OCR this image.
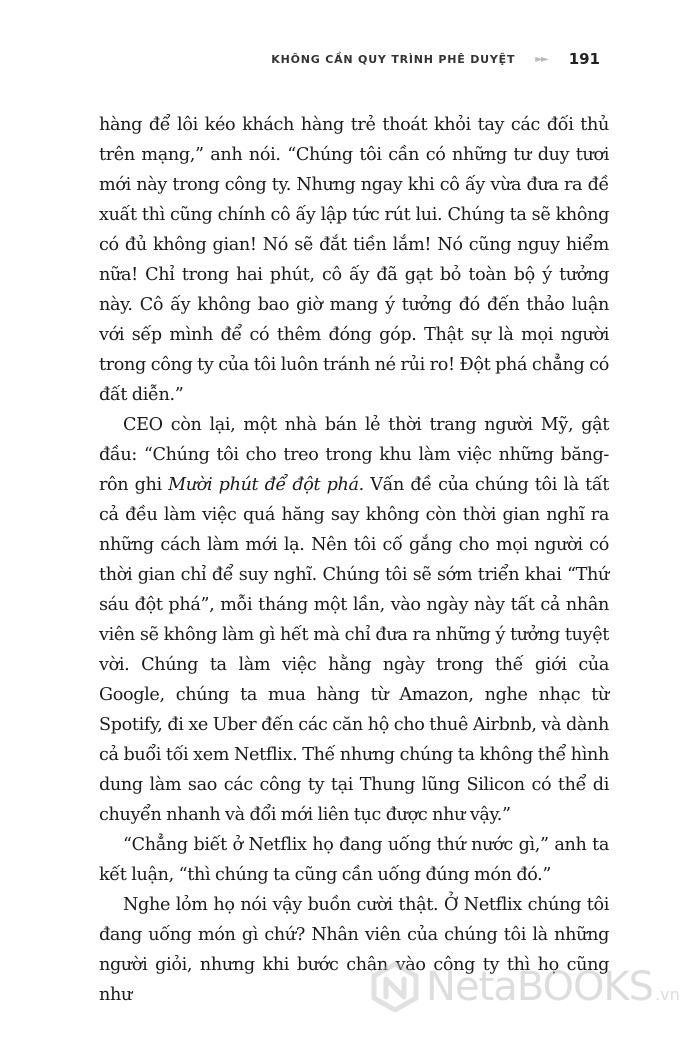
KHÔNG CẦN QUY TRÌNH PHÊ DUYỆT ►► 191

hàng để lôi kéo khách hàng trẻ thoát khỏi tay các đối thủ trên mạng,” anh nói. “Chúng tôi cần có những tư duy tươi mới này trong công ty. Nhưng ngay khi cô ấy vừa đưa ra đề xuất thì cũng chính cô ấy lập tức rút lui. Chúng ta sẽ không có đủ không gian! Nó sẽ đắt tiền lắm! Nó cũng nguy hiểm nữa! Chỉ trong hai phút, cô ấy đã gạt bỏ toàn bộ ý tưởng này. Cô ấy không bao giờ mang ý tưởng đó đến thảo luận với sếp mình để có thêm đóng góp. Thật sự là mọi người trong công ty của tôi luôn tránh né rủi ro! Đột phá chẳng có đất diễn.”

CEO còn lại, một nhà bán lẻ thời trang người Mỹ, gật đầu: “Chúng tôi cho treo trong khu làm việc những băng-rôn ghi Mười phút để đột phá. Vấn đề của chúng tôi là tất cả đều làm việc quá hăng say không còn thời gian nghĩ ra những cách làm mới lạ. Nên tôi cố gắng cho mọi người có thời gian chỉ để suy nghĩ. Chúng tôi sẽ sớm triển khai “Thứ sáu đột phá”, mỗi tháng một lần, vào ngày này tất cả nhân viên sẽ không làm gì hết mà chỉ đưa ra những ý tưởng tuyệt vời. Chúng ta làm việc hằng ngày trong thế giới của Google, chúng ta mua hàng từ Amazon, nghe nhạc từ Spotify, đi xe Uber đến các căn hộ cho thuê Airbnb, và dành cả buổi tối xem Netflix. Thế nhưng chúng ta không thể hình dung làm sao các công ty tại Thung lũng Silicon có thể di chuyển nhanh và đổi mới liên tục được như vậy.”

“Chẳng biết ở Netflix họ đang uống thứ nước gì,” anh ta kết luận, “thì chúng ta cũng cần uống đúng món đó.”

Nghe lỏm họ nói vậy buồn cười thật. Ở Netflix chúng tôi đang uống món gì chứ? Nhân viên của chúng tôi là những người giỏi, nhưng khi bước chân vào công ty thì họ cũng như	NetaBOOKS .vn
